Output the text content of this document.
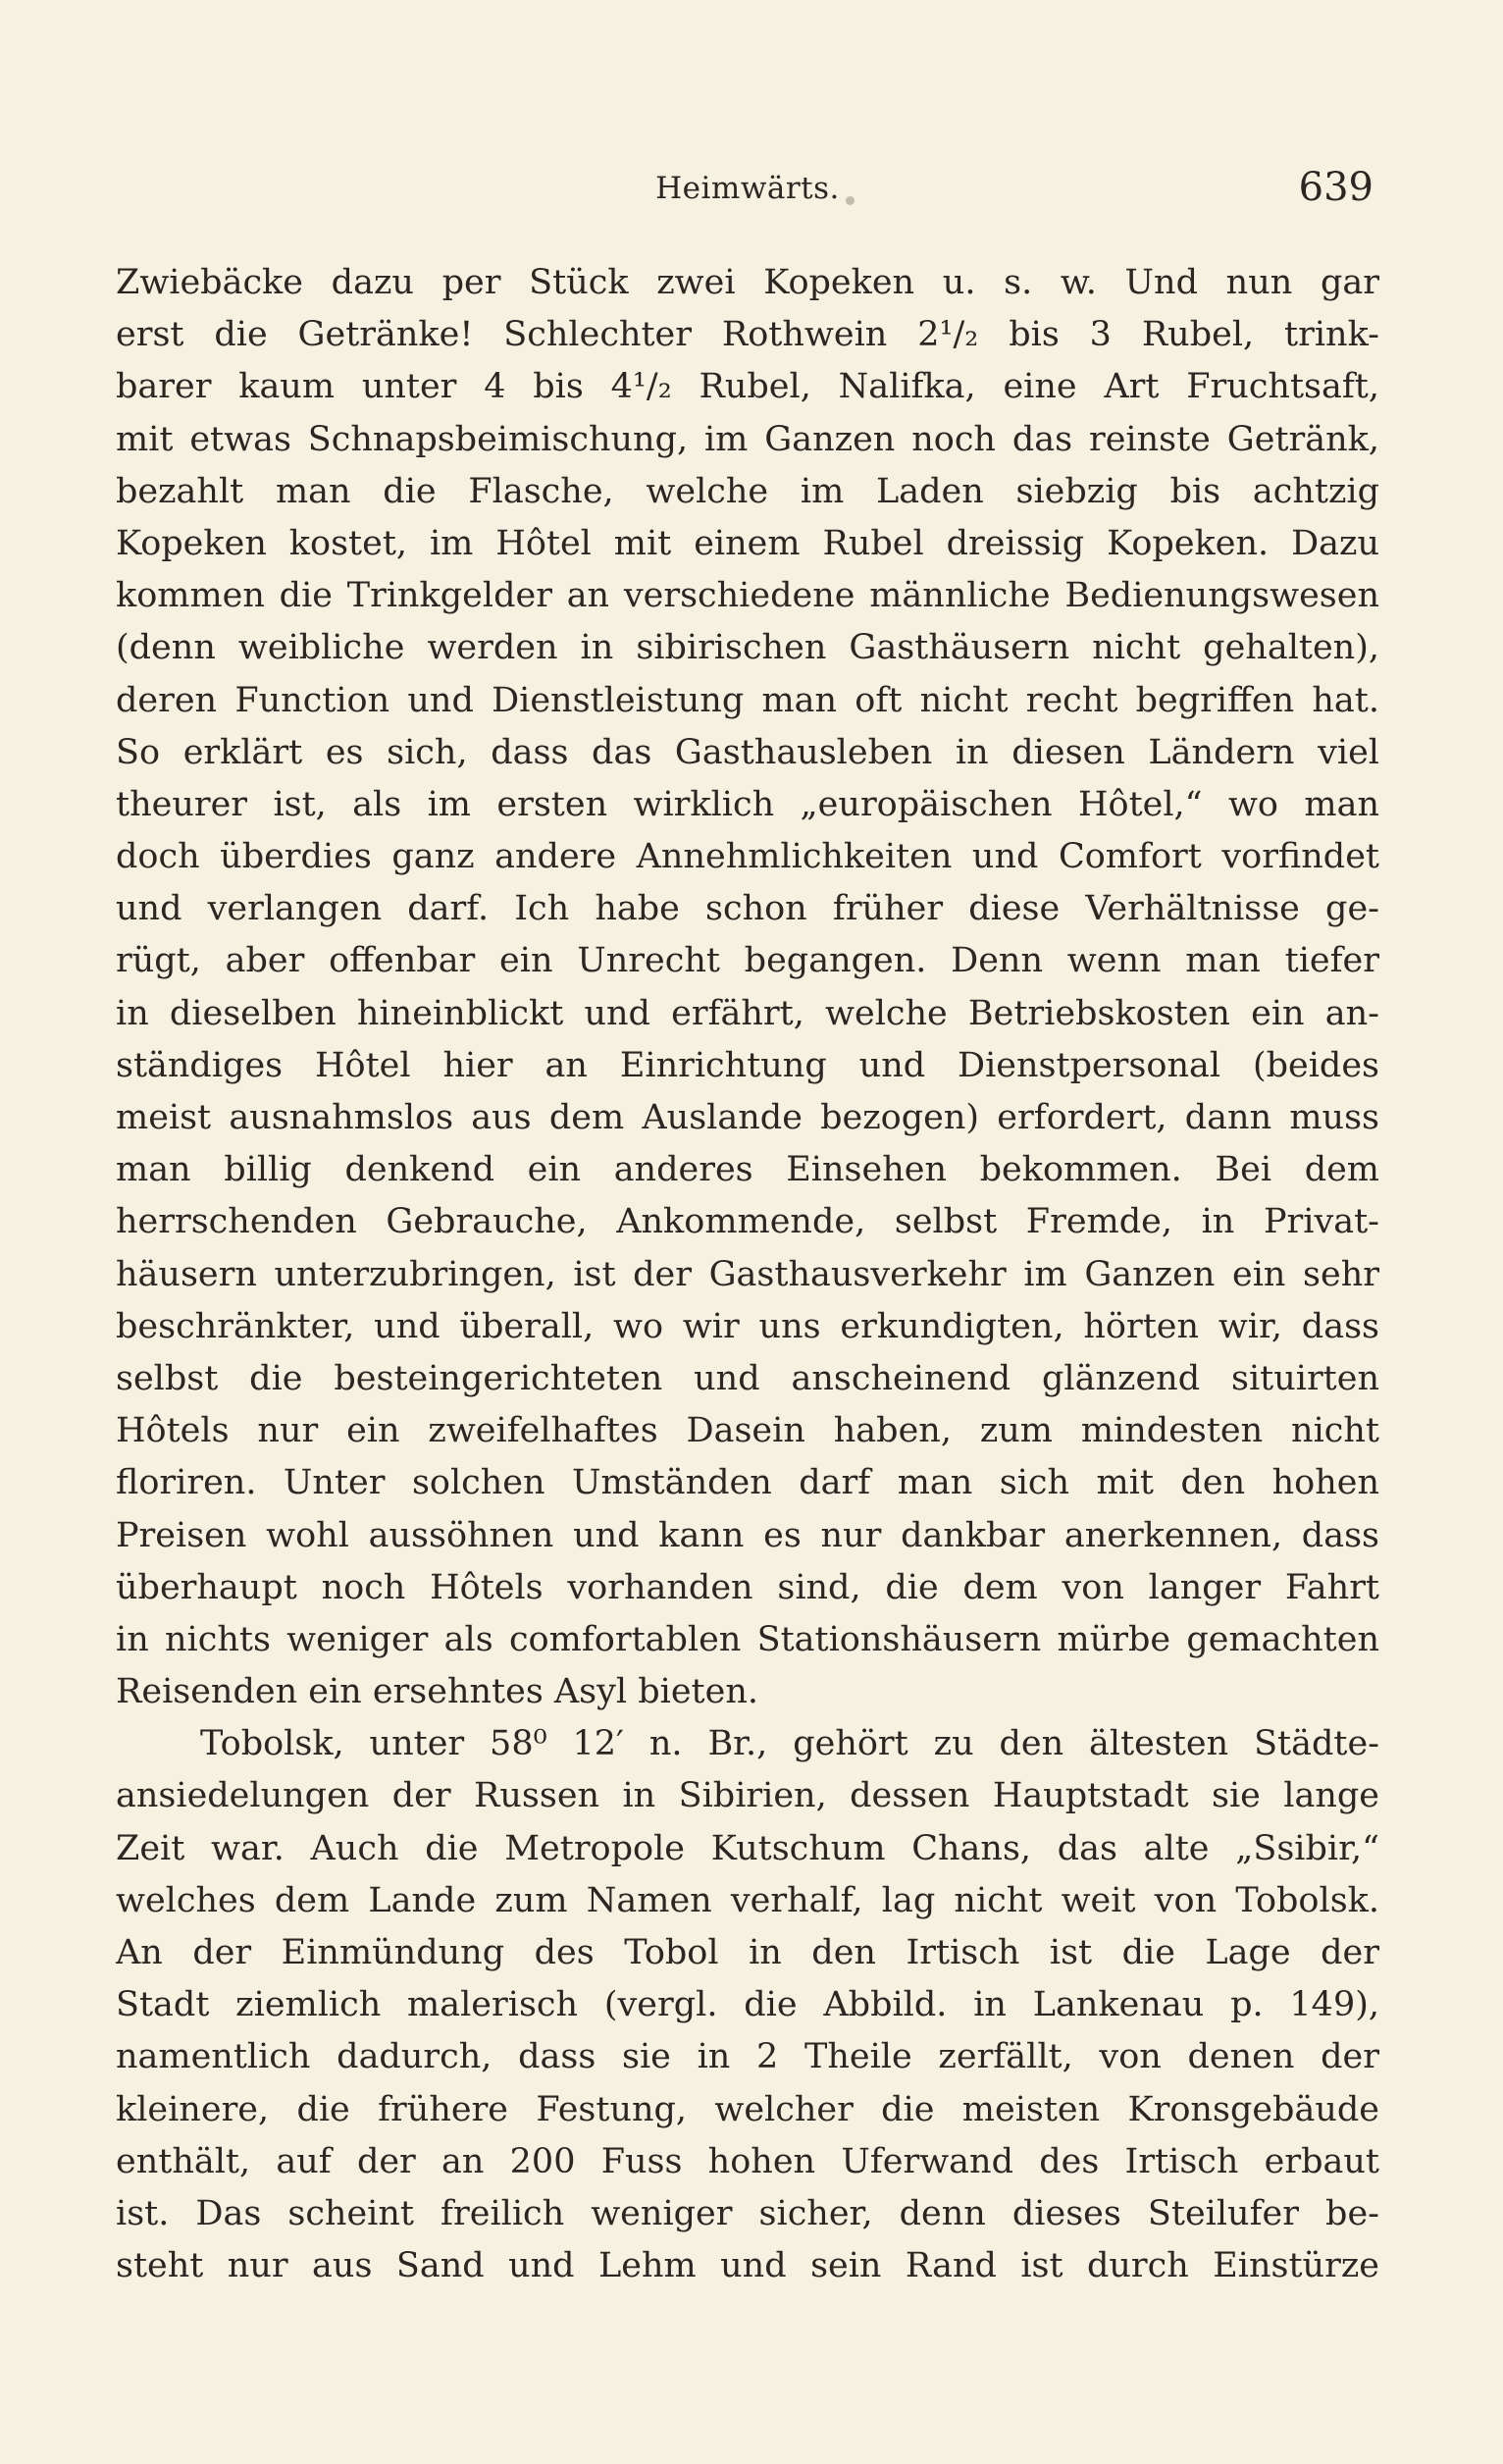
Heimwärts.	639
Zwiebäcke dazu per Stück zwei Kopeken u. s. w. Und nun gar
erst die Getränke! Schlechter Rothwein 2¹/₂ bis 3 Rubel, trink-
barer kaum unter 4 bis 4¹/₂ Rubel, Nalifka, eine Art Fruchtsaft,
mit etwas Schnapsbeimischung, im Ganzen noch das reinste Getränk,
bezahlt man die Flasche, welche im Laden siebzig bis achtzig
Kopeken kostet, im Hôtel mit einem Rubel dreissig Kopeken. Dazu
kommen die Trinkgelder an verschiedene männliche Bedienungswesen
(denn weibliche werden in sibirischen Gasthäusern nicht gehalten),
deren Function und Dienstleistung man oft nicht recht begriffen hat.
So erklärt es sich, dass das Gasthausleben in diesen Ländern viel
theurer ist, als im ersten wirklich „europäischen Hôtel,“ wo man
doch überdies ganz andere Annehmlichkeiten und Comfort vorfindet
und verlangen darf. Ich habe schon früher diese Verhältnisse ge-
rügt, aber offenbar ein Unrecht begangen. Denn wenn man tiefer
in dieselben hineinblickt und erfährt, welche Betriebskosten ein an-
ständiges Hôtel hier an Einrichtung und Dienstpersonal (beides
meist ausnahmslos aus dem Auslande bezogen) erfordert, dann muss
man billig denkend ein anderes Einsehen bekommen. Bei dem
herrschenden Gebrauche, Ankommende, selbst Fremde, in Privat-
häusern unterzubringen, ist der Gasthausverkehr im Ganzen ein sehr
beschränkter, und überall, wo wir uns erkundigten, hörten wir, dass
selbst die besteingerichteten und anscheinend glänzend situirten
Hôtels nur ein zweifelhaftes Dasein haben, zum mindesten nicht
floriren. Unter solchen Umständen darf man sich mit den hohen
Preisen wohl aussöhnen und kann es nur dankbar anerkennen, dass
überhaupt noch Hôtels vorhanden sind, die dem von langer Fahrt
in nichts weniger als comfortablen Stationshäusern mürbe gemachten
Reisenden ein ersehntes Asyl bieten.
Tobolsk, unter 58⁰ 12′ n. Br., gehört zu den ältesten Städte-
ansiedelungen der Russen in Sibirien, dessen Hauptstadt sie lange
Zeit war. Auch die Metropole Kutschum Chans, das alte „Ssibir,“
welches dem Lande zum Namen verhalf, lag nicht weit von Tobolsk.
An der Einmündung des Tobol in den Irtisch ist die Lage der
Stadt ziemlich malerisch (vergl. die Abbild. in Lankenau p. 149),
namentlich dadurch, dass sie in 2 Theile zerfällt, von denen der
kleinere, die frühere Festung, welcher die meisten Kronsgebäude
enthält, auf der an 200 Fuss hohen Uferwand des Irtisch erbaut
ist. Das scheint freilich weniger sicher, denn dieses Steilufer be-
steht nur aus Sand und Lehm und sein Rand ist durch Einstürze
